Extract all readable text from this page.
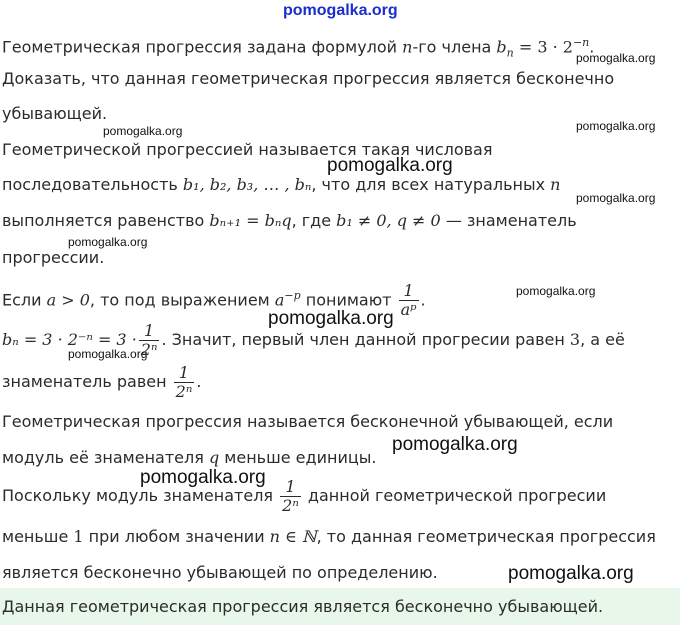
pomogalka.org
pomogalka.org
pomogalka.org	pomogalka.org
pomogalka.org
pomogalka.org
pomogalka.org
pomogalka.org
pomogalka.org
pomogalka.org
pomogalka.org
pomogalka.org
pomogalka.org
Геометрическая прогрессия задана формулой n-го члена $b_n = 3 \cdot 2^{-n}$.
Доказать, что данная геометрическая прогрессия является бесконечно
убывающей.
Геометрической прогрессией называется такая числовая
последовательность b₁, b₂, b₃, … , bₙ, что для всех натуральных n
выполняется равенство bₙ₊₁ = bₙq, где b₁ ≠ 0, q ≠ 0 — знаменатель
прогрессии.
Если a > 0, то под выражением $a^{-p}$ понимают $\frac{1}{\text{aᵖ}}$ .
$b_n = 3 \cdot 2^{-n} = 3 \cdot \frac{1}{\text{2ⁿ}}$ . Значит, первый член данной прогресии равен 3, а её
знаменатель равен $\frac{1}{\text{2ⁿ}}$ .
Геометрическая прогрессия называется бесконечной убывающей, если
модуль её знаменателя q меньше единицы.
Поскольку модуль знаменателя $\frac{1}{\text{2ⁿ}}$ данной геометрической прогресии
меньше 1 при любом значении n ∈ ℕ, то данная геометрическая прогрессия
является бесконечно убывающей по определению.
Данная геометрическая прогрессия является бесконечно убывающей.
